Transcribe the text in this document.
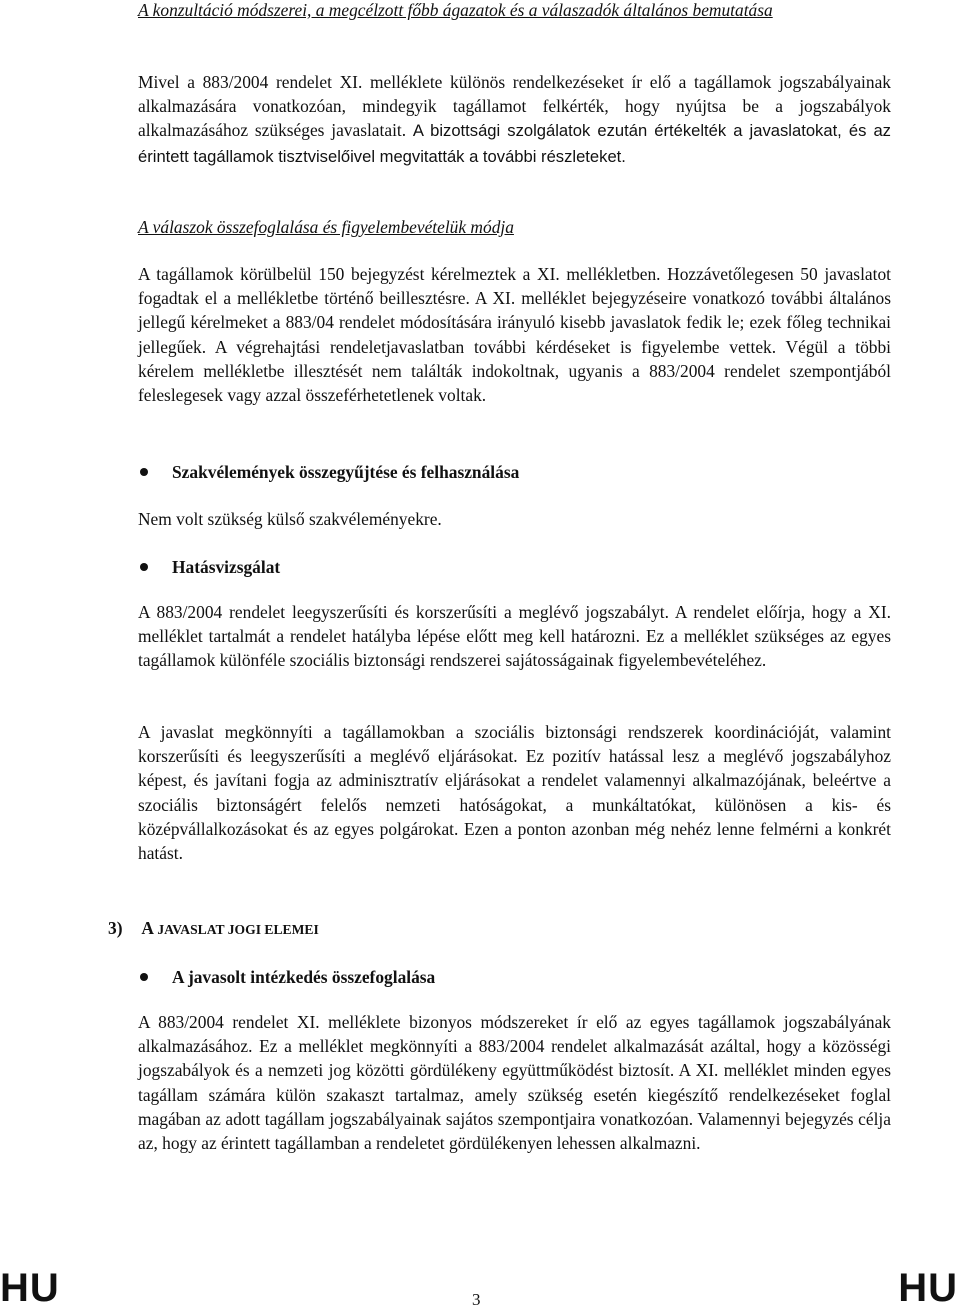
A konzultáció módszerei, a megcélzott főbb ágazatok és a válaszadók általános bemutatása

Mivel a 883/2004 rendelet XI. melléklete különös rendelkezéseket ír elő a tagállamok jogszabályainak alkalmazására vonatkozóan, mindegyik tagállamot felkérték, hogy nyújtsa be a jogszabályok alkalmazásához szükséges javaslatait. A bizottsági szolgálatok ezután értékelték a javaslatokat, és az érintett tagállamok tisztviselőivel megvitatták a további részleteket.

A válaszok összefoglalása és figyelembevételük módja

A tagállamok körülbelül 150 bejegyzést kérelmeztek a XI. mellékletben. Hozzávetőlegesen 50 javaslatot fogadtak el a mellékletbe történő beillesztésre. A XI. melléklet bejegyzéseire vonatkozó további általános jellegű kérelmeket a 883/04 rendelet módosítására irányuló kisebb javaslatok fedik le; ezek főleg technikai jellegűek. A végrehajtási rendeletjavaslatban további kérdéseket is figyelembe vettek. Végül a többi kérelem mellékletbe illesztését nem találták indokoltnak, ugyanis a 883/2004 rendelet szempontjából feleslegesek vagy azzal összeférhetetlenek voltak.

Szakvélemények összegyűjtése és felhasználása

Nem volt szükség külső szakvéleményekre.

Hatásvizsgálat

A 883/2004 rendelet leegyszerűsíti és korszerűsíti a meglévő jogszabályt. A rendelet előírja, hogy a XI. melléklet tartalmát a rendelet hatályba lépése előtt meg kell határozni. Ez a melléklet szükséges az egyes tagállamok különféle szociális biztonsági rendszerei sajátosságainak figyelembevételéhez.

A javaslat megkönnyíti a tagállamokban a szociális biztonsági rendszerek koordinációját, valamint korszerűsíti és leegyszerűsíti a meglévő eljárásokat. Ez pozitív hatással lesz a meglévő jogszabályhoz képest, és javítani fogja az adminisztratív eljárásokat a rendelet valamennyi alkalmazójának, beleértve a szociális biztonságért felelős nemzeti hatóságokat, a munkáltatókat, különösen a kis- és középvállalkozásokat és az egyes polgárokat. Ezen a ponton azonban még nehéz lenne felmérni a konkrét hatást.

A javasolt intézkedés összefoglalása

A 883/2004 rendelet XI. melléklete bizonyos módszereket ír elő az egyes tagállamok jogszabályának alkalmazásához. Ez a melléklet megkönnyíti a 883/2004 rendelet alkalmazását azáltal, hogy a közösségi jogszabályok és a nemzeti jog közötti gördülékeny együttműködést biztosít. A XI. melléklet minden egyes tagállam számára külön szakaszt tartalmaz, amely szükség esetén kiegészítő rendelkezéseket foglal magában az adott tagállam jogszabályainak sajátos szempontjaira vonatkozóan. Valamennyi bejegyzés célja az, hogy az érintett tagállamban a rendeletet gördülékenyen lehessen alkalmazni.

3) A JAVASLAT JOGI ELEMEI
HU	3	HU
